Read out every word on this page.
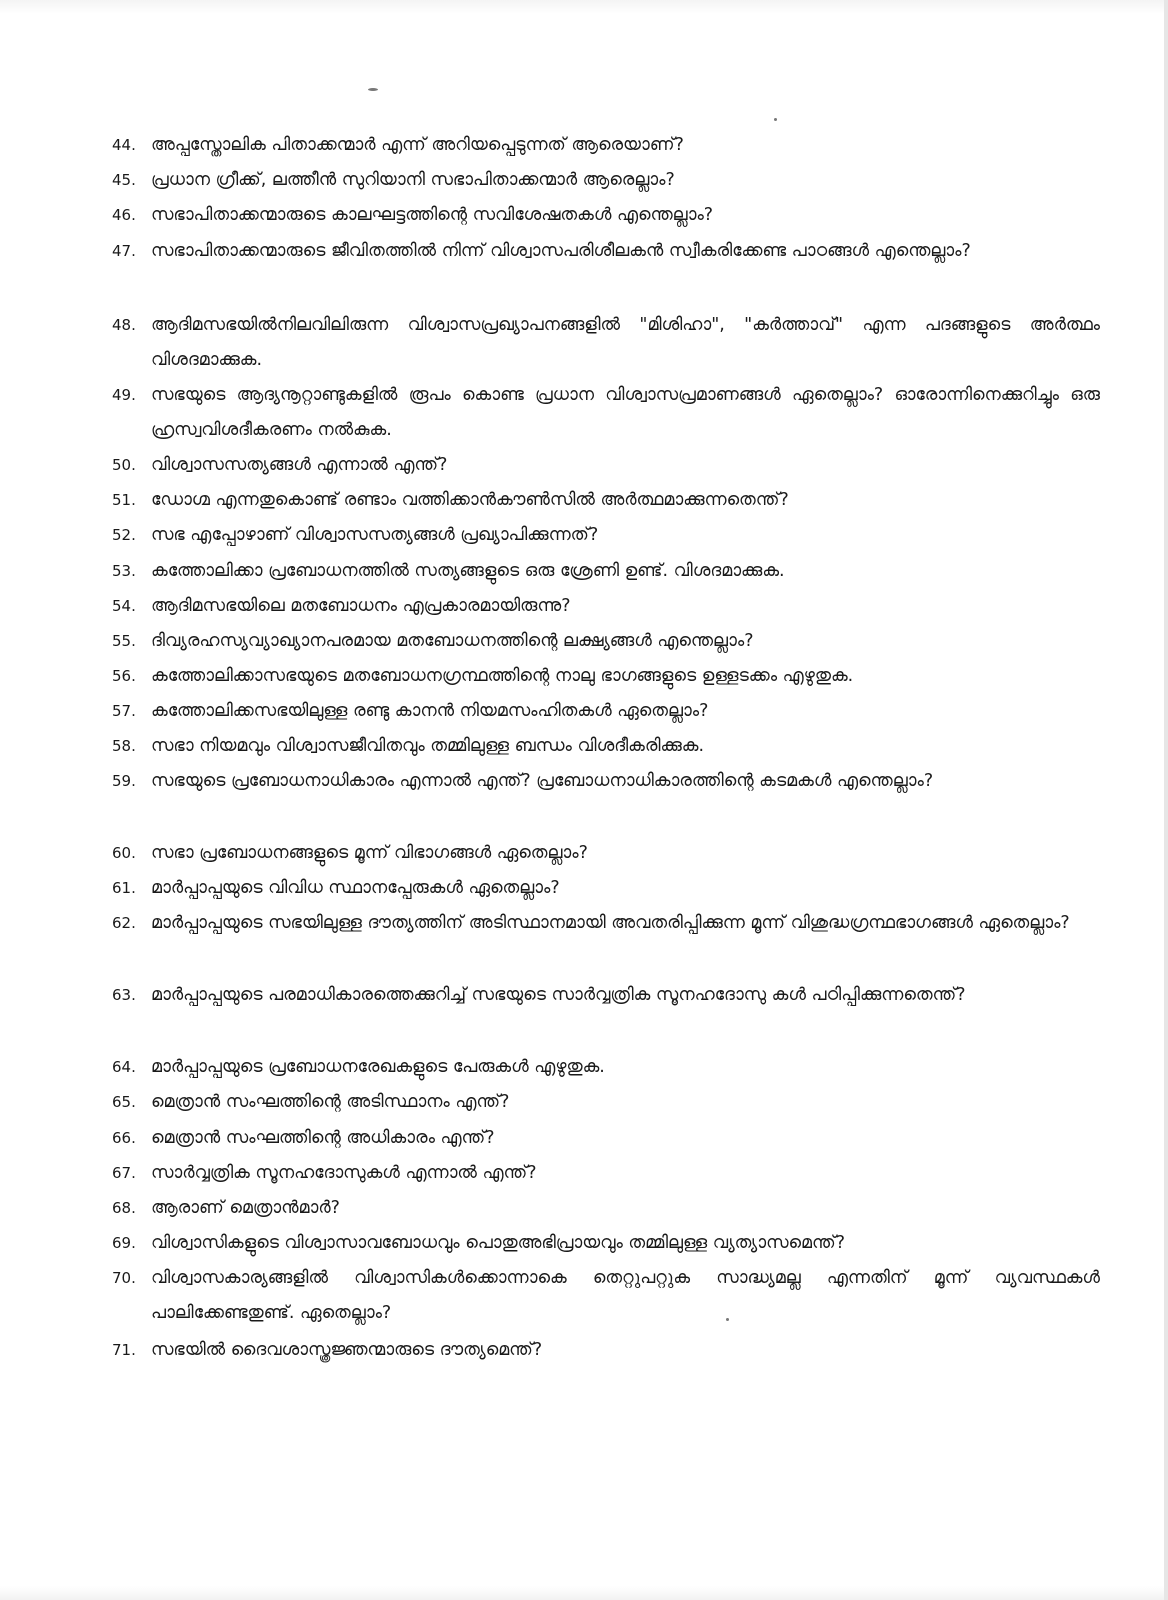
44. അപ്പസ്തോലിക പിതാക്കന്മാർ എന്ന് അറിയപ്പെടുന്നത് ആരെയാണ്?
45. പ്രധാന ഗ്രീക്ക്, ലത്തീൻ സുറിയാനി സഭാപിതാക്കന്മാർ ആരെല്ലാം?
46. സഭാപിതാക്കന്മാരുടെ കാലഘട്ടത്തിന്റെ സവിശേഷതകൾ എന്തെല്ലാം?
47. സഭാപിതാക്കന്മാരുടെ ജീവിതത്തിൽ നിന്ന് വിശ്വാസപരിശീലകൻ സ്വീകരിക്കേണ്ട പാഠങ്ങൾ എന്തെല്ലാം?
48. ആദിമസഭയിൽനിലവിലിരുന്ന വിശ്വാസപ്രഖ്യാപനങ്ങളിൽ "മിശിഹാ", "കർത്താവ്" എന്ന പദങ്ങളുടെ അർത്ഥം വിശദമാക്കുക.
49. സഭയുടെ ആദ്യനൂറ്റാണ്ടുകളിൽ രൂപം കൊണ്ട പ്രധാന വിശ്വാസപ്രമാണങ്ങൾ ഏതെല്ലാം? ഓരോന്നിനെക്കുറിച്ചും ഒരു ഹ്രസ്വവിശദീകരണം നൽകുക.
50. വിശ്വാസസത്യങ്ങൾ എന്നാൽ എന്ത്?
51. ഡോഗ്മ എന്നതുകൊണ്ട് രണ്ടാം വത്തിക്കാൻകൗൺസിൽ അർത്ഥമാക്കുന്നതെന്ത്?
52. സഭ എപ്പോഴാണ് വിശ്വാസസത്യങ്ങൾ പ്രഖ്യാപിക്കുന്നത്?
53. കത്തോലിക്കാ പ്രബോധനത്തിൽ സത്യങ്ങളുടെ ഒരു ശ്രേണി ഉണ്ട്. വിശദമാക്കുക.
54. ആദിമസഭയിലെ മതബോധനം എപ്രകാരമായിരുന്നു?
55. ദിവ്യരഹസ്യവ്യാഖ്യാനപരമായ മതബോധനത്തിന്റെ ലക്ഷ്യങ്ങൾ എന്തെല്ലാം?
56. കത്തോലിക്കാസഭയുടെ മതബോധനഗ്രന്ഥത്തിന്റെ നാലു ഭാഗങ്ങളുടെ ഉള്ളടക്കം എഴുതുക.
57. കത്തോലിക്കസഭയിലുള്ള രണ്ടു കാനൻ നിയമസംഹിതകൾ ഏതെല്ലാം?
58. സഭാ നിയമവും വിശ്വാസജീവിതവും തമ്മിലുള്ള ബന്ധം വിശദീകരിക്കുക.
59. സഭയുടെ പ്രബോധനാധികാരം എന്നാൽ എന്ത്? പ്രബോധനാധികാരത്തിന്റെ കടമകൾ എന്തെല്ലാം?
60. സഭാ പ്രബോധനങ്ങളുടെ മൂന്ന് വിഭാഗങ്ങൾ ഏതെല്ലാം?
61. മാർപ്പാപ്പയുടെ വിവിധ സ്ഥാനപ്പേരുകൾ ഏതെല്ലാം?
62. മാർപ്പാപ്പയുടെ സഭയിലുള്ള ദൗത്യത്തിന് അടിസ്ഥാനമായി അവതരിപ്പിക്കുന്ന മൂന്ന് വിശുദ്ധഗ്രന്ഥഭാഗങ്ങൾ ഏതെല്ലാം?
63. മാർപ്പാപ്പയുടെ പരമാധികാരത്തെക്കുറിച്ച് സഭയുടെ സാർവ്വത്രിക സൂനഹദോസു കൾ പഠിപ്പിക്കുന്നതെന്ത്?
64. മാർപ്പാപ്പയുടെ പ്രബോധനരേഖകളുടെ പേരുകൾ എഴുതുക.
65. മെത്രാൻ സംഘത്തിന്റെ അടിസ്ഥാനം എന്ത്?
66. മെത്രാൻ സംഘത്തിന്റെ അധികാരം എന്ത്?
67. സാർവ്വത്രിക സൂനഹദോസുകൾ എന്നാൽ എന്ത്?
68. ആരാണ് മെത്രാൻമാർ?
69. വിശ്വാസികളുടെ വിശ്വാസാവബോധവും പൊതുഅഭിപ്രായവും തമ്മിലുള്ള വ്യത്യാസമെന്ത്?
70. വിശ്വാസകാര്യങ്ങളിൽ വിശ്വാസികൾക്കൊന്നാകെ തെറ്റുപറ്റുക സാദ്ധ്യമല്ല എന്നതിന് മൂന്ന് വ്യവസ്ഥകൾ പാലിക്കേണ്ടതുണ്ട്. ഏതെല്ലാം?
71. സഭയിൽ ദൈവശാസ്ത്രജ്ഞന്മാരുടെ ദൗത്യമെന്ത്?
